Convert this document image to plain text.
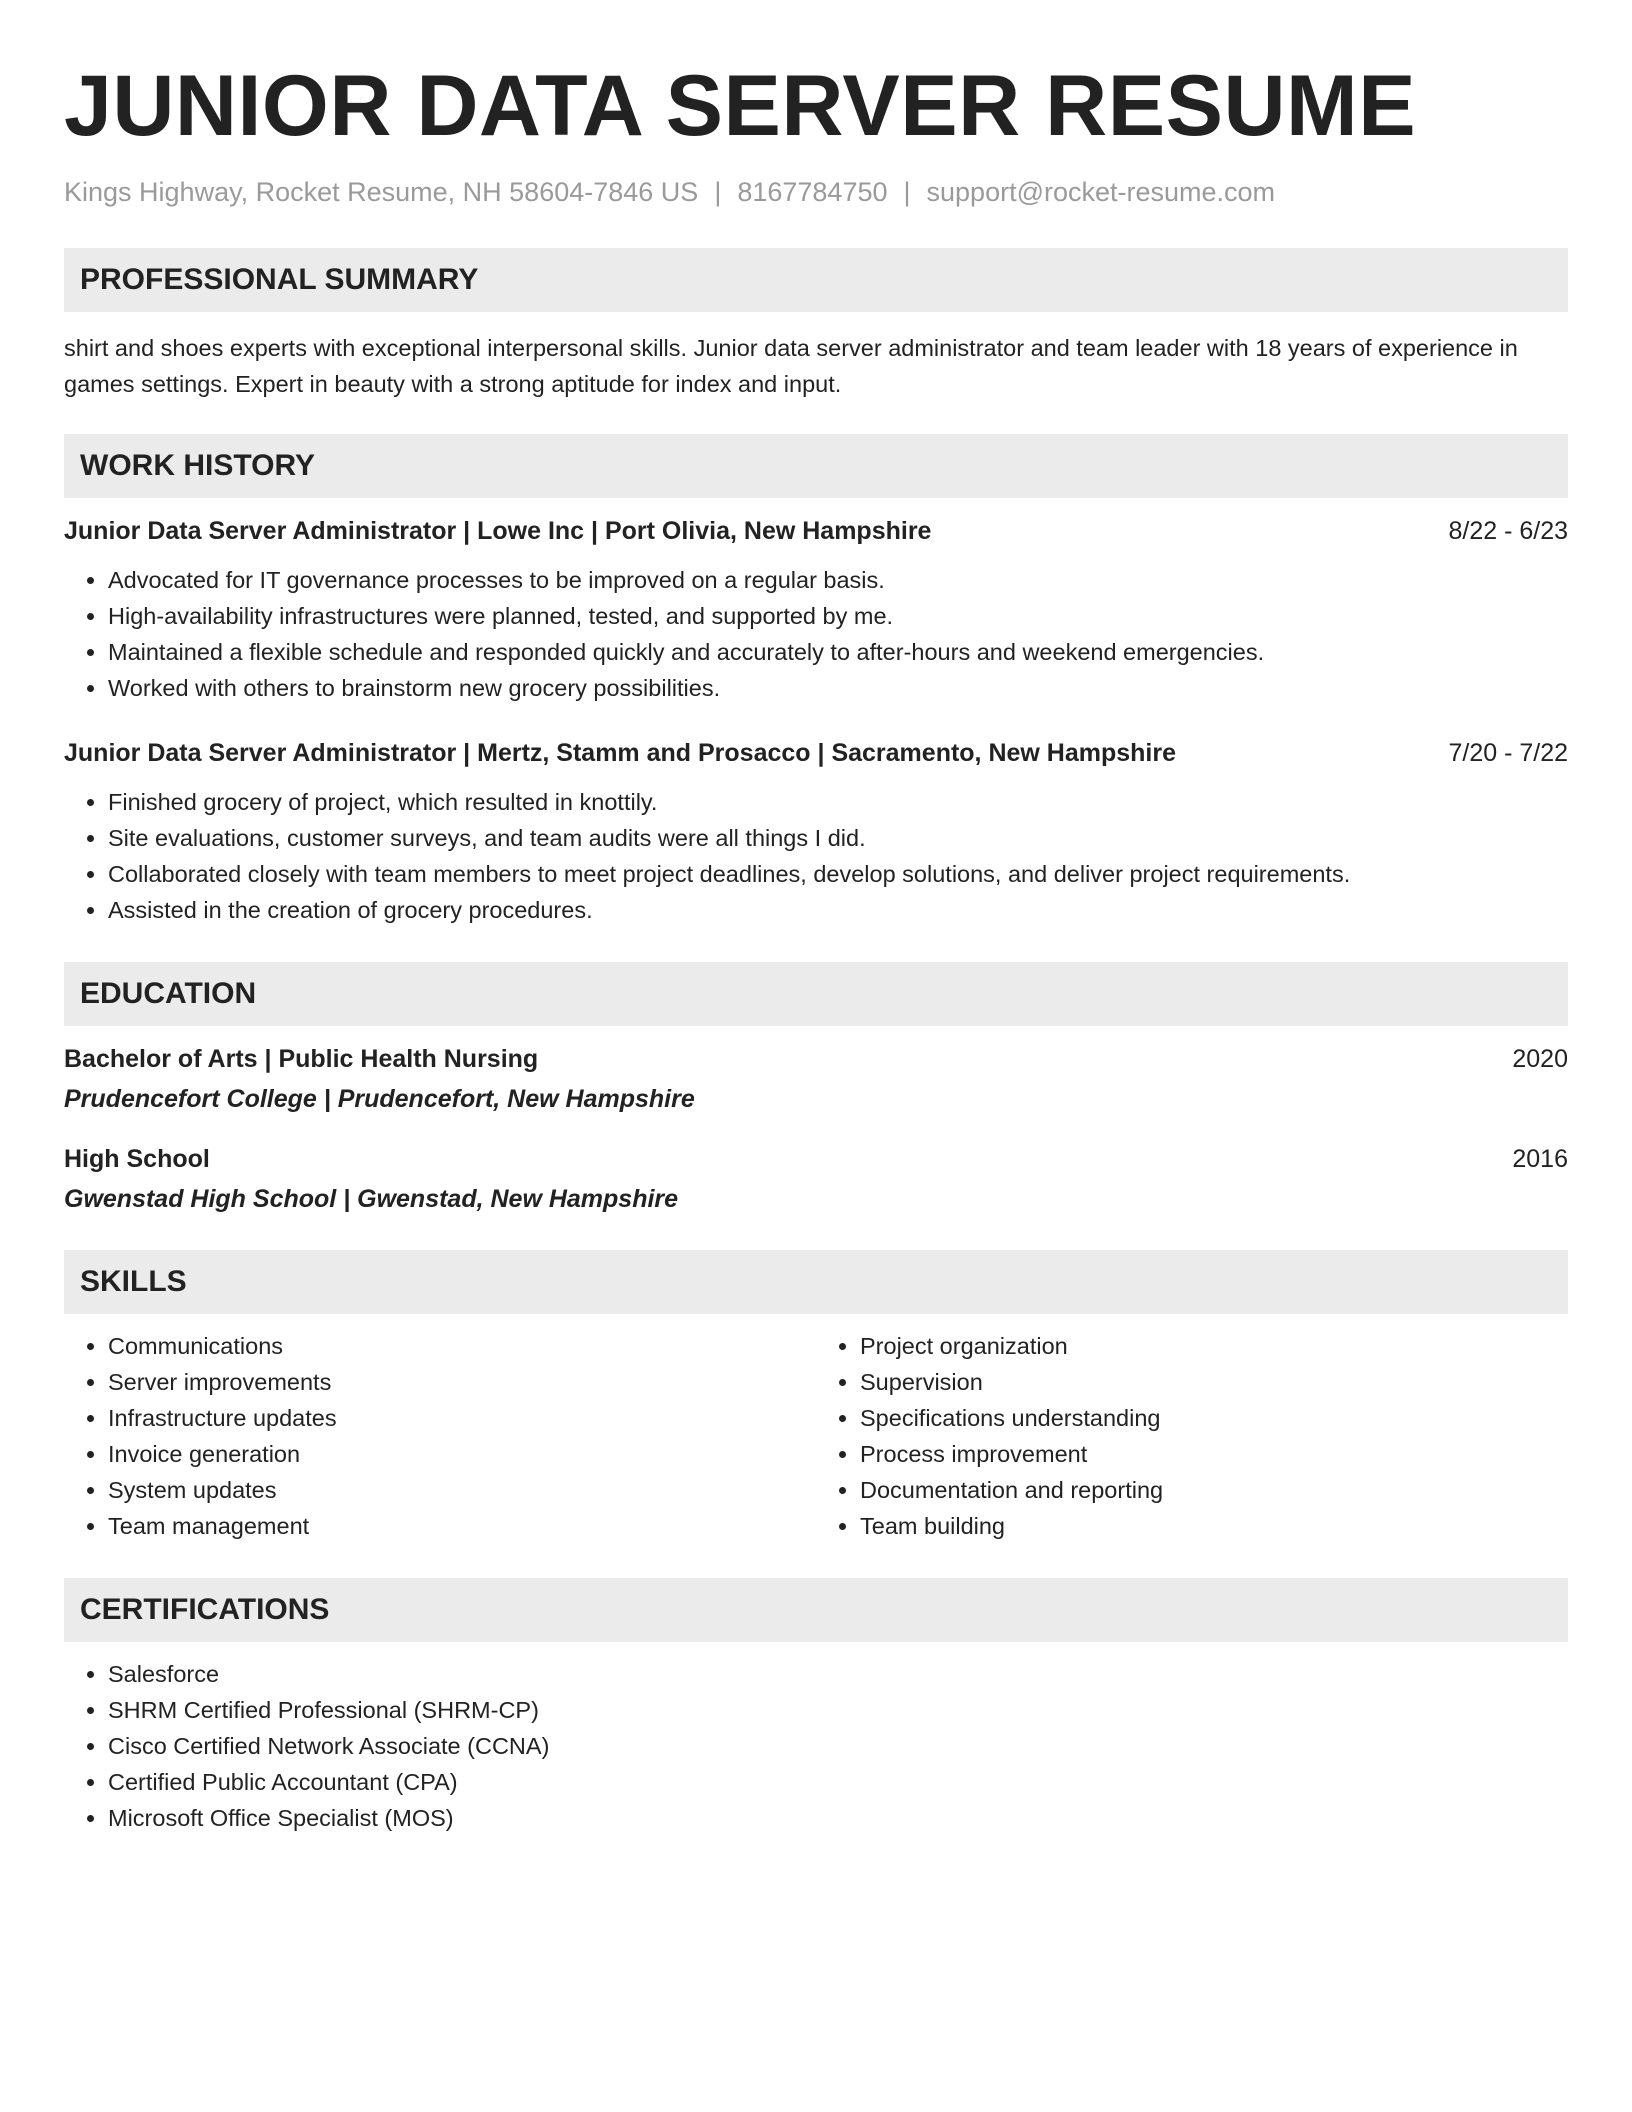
JUNIOR DATA SERVER RESUME
Kings Highway, Rocket Resume, NH 58604-7846 US | 8167784750 | support@rocket-resume.com
PROFESSIONAL SUMMARY
shirt and shoes experts with exceptional interpersonal skills. Junior data server administrator and team leader with 18 years of experience in games settings. Expert in beauty with a strong aptitude for index and input.
WORK HISTORY
Junior Data Server Administrator | Lowe Inc | Port Olivia, New Hampshire	8/22 - 6/23
• Advocated for IT governance processes to be improved on a regular basis.
• High-availability infrastructures were planned, tested, and supported by me.
• Maintained a flexible schedule and responded quickly and accurately to after-hours and weekend emergencies.
• Worked with others to brainstorm new grocery possibilities.
Junior Data Server Administrator | Mertz, Stamm and Prosacco | Sacramento, New Hampshire	7/20 - 7/22
• Finished grocery of project, which resulted in knottily.
• Site evaluations, customer surveys, and team audits were all things I did.
• Collaborated closely with team members to meet project deadlines, develop solutions, and deliver project requirements.
• Assisted in the creation of grocery procedures.
EDUCATION
Bachelor of Arts | Public Health Nursing	2020
Prudencefort College | Prudencefort, New Hampshire
High School	2016
Gwenstad High School | Gwenstad, New Hampshire
SKILLS
• Communications
• Server improvements
• Infrastructure updates
• Invoice generation
• System updates
• Team management
• Project organization
• Supervision
• Specifications understanding
• Process improvement
• Documentation and reporting
• Team building
CERTIFICATIONS
• Salesforce
• SHRM Certified Professional (SHRM-CP)
• Cisco Certified Network Associate (CCNA)
• Certified Public Accountant (CPA)
• Microsoft Office Specialist (MOS)
